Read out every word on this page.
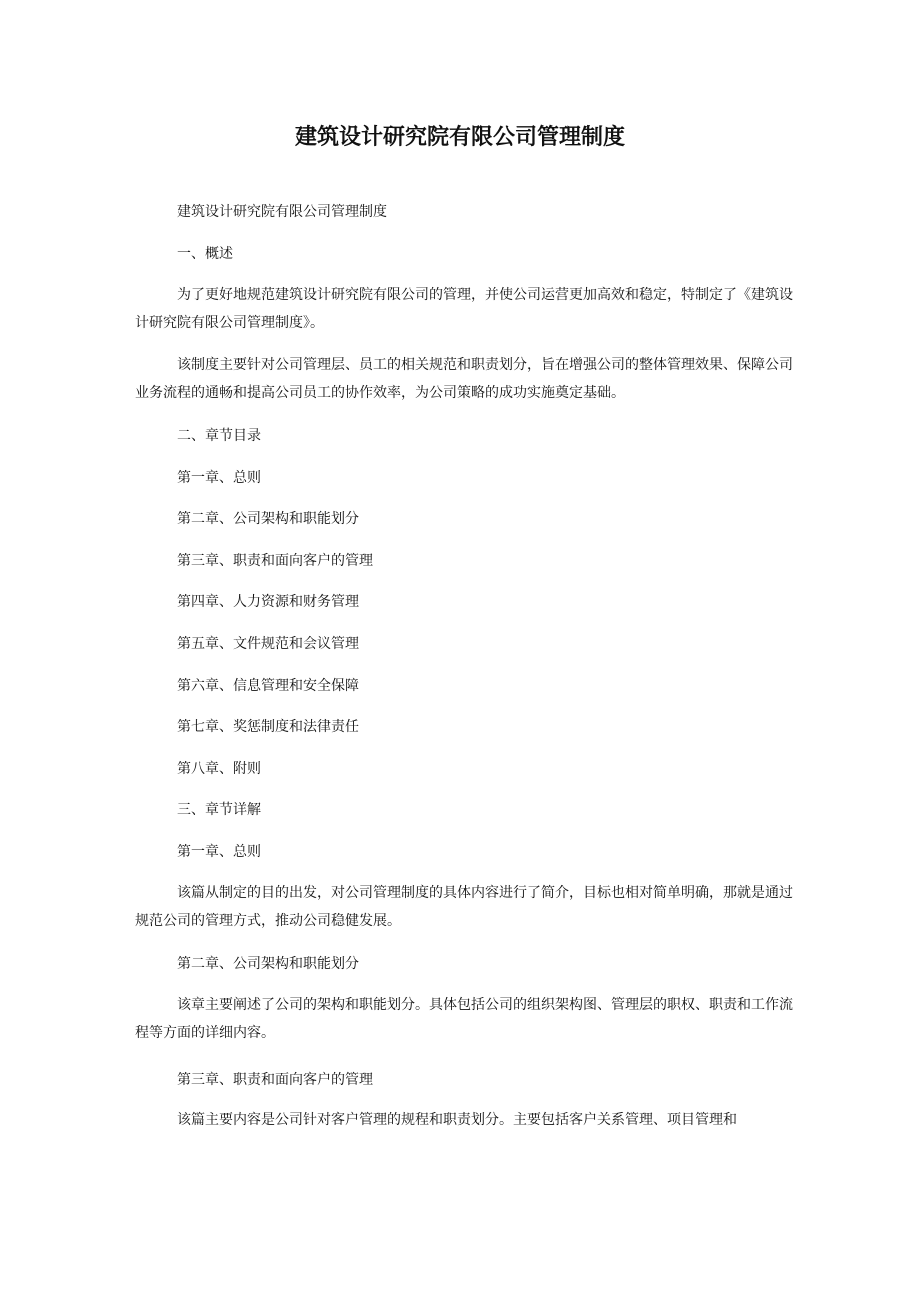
建筑设计研究院有限公司管理制度

建筑设计研究院有限公司管理制度

一、概述

为了更好地规范建筑设计研究院有限公司的管理，并使公司运营更加高效和稳定，特制定了《建筑设计研究院有限公司管理制度》。

该制度主要针对公司管理层、员工的相关规范和职责划分，旨在增强公司的整体管理效果、保障公司业务流程的通畅和提高公司员工的协作效率，为公司策略的成功实施奠定基础。

二、章节目录

第一章、总则

第二章、公司架构和职能划分

第三章、职责和面向客户的管理

第四章、人力资源和财务管理

第五章、文件规范和会议管理

第六章、信息管理和安全保障

第七章、奖惩制度和法律责任

第八章、附则

三、章节详解

第一章、总则

该篇从制定的目的出发，对公司管理制度的具体内容进行了简介，目标也相对简单明确，那就是通过规范公司的管理方式，推动公司稳健发展。

第二章、公司架构和职能划分

该章主要阐述了公司的架构和职能划分。具体包括公司的组织架构图、管理层的职权、职责和工作流程等方面的详细内容。

第三章、职责和面向客户的管理

该篇主要内容是公司针对客户管理的规程和职责划分。主要包括客户关系管理、项目管理和
